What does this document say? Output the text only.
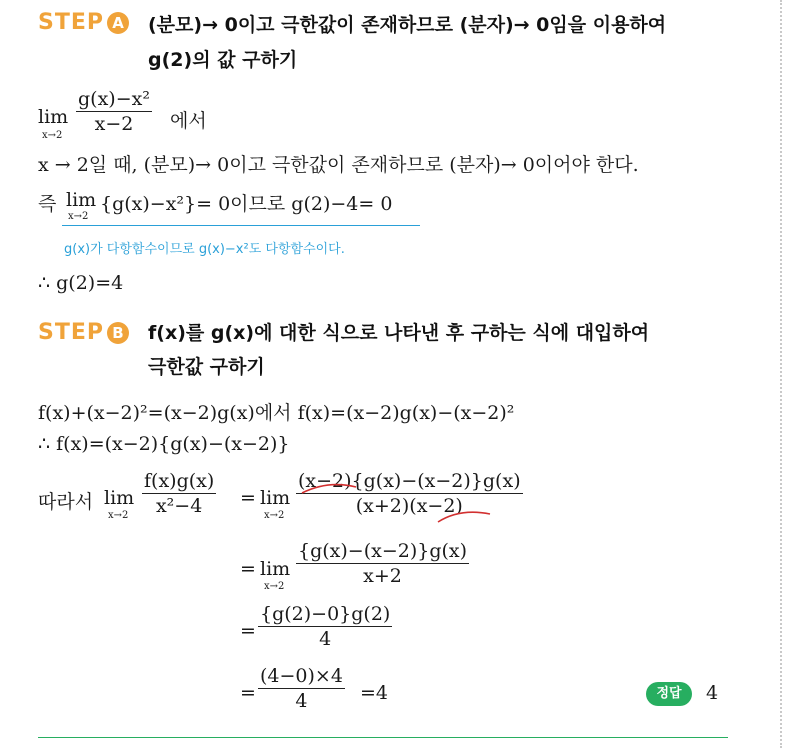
STEP A (분모)→ 0이고 극한값이 존재하므로 (분자)→ 0임을 이용하여
g(2)의 값 구하기
lim
x→2
g(x)−x²
x−2	에서
x → 2일 때, (분모)→ 0이고 극한값이 존재하므로 (분자)→ 0이어야 한다.
즉 lim
x→2
{g(x)−x²}= 0이므로 g(2)−4= 0
g(x)가 다항함수이므로 g(x)−x²도 다항함수이다.
∴ g(2)=4
STEP B f(x)를 g(x)에 대한 식으로 나타낸 후 구하는 식에 대입하여
극한값 구하기
f(x)+(x−2)²=(x−2)g(x)에서 f(x)=(x−2)g(x)−(x−2)²
∴ f(x)=(x−2){g(x)−(x−2)}
따라서 lim
x→2
f(x)g(x)
x²−4	= lim
x→2
(x−2){g(x)−(x−2)}g(x)
(x+2)(x−2)
= lim
x→2
{g(x)−(x−2)}g(x)
x+2
=
{g(2)−0}g(2)
4
=
(4−0)×4
4	=4	정답	4
